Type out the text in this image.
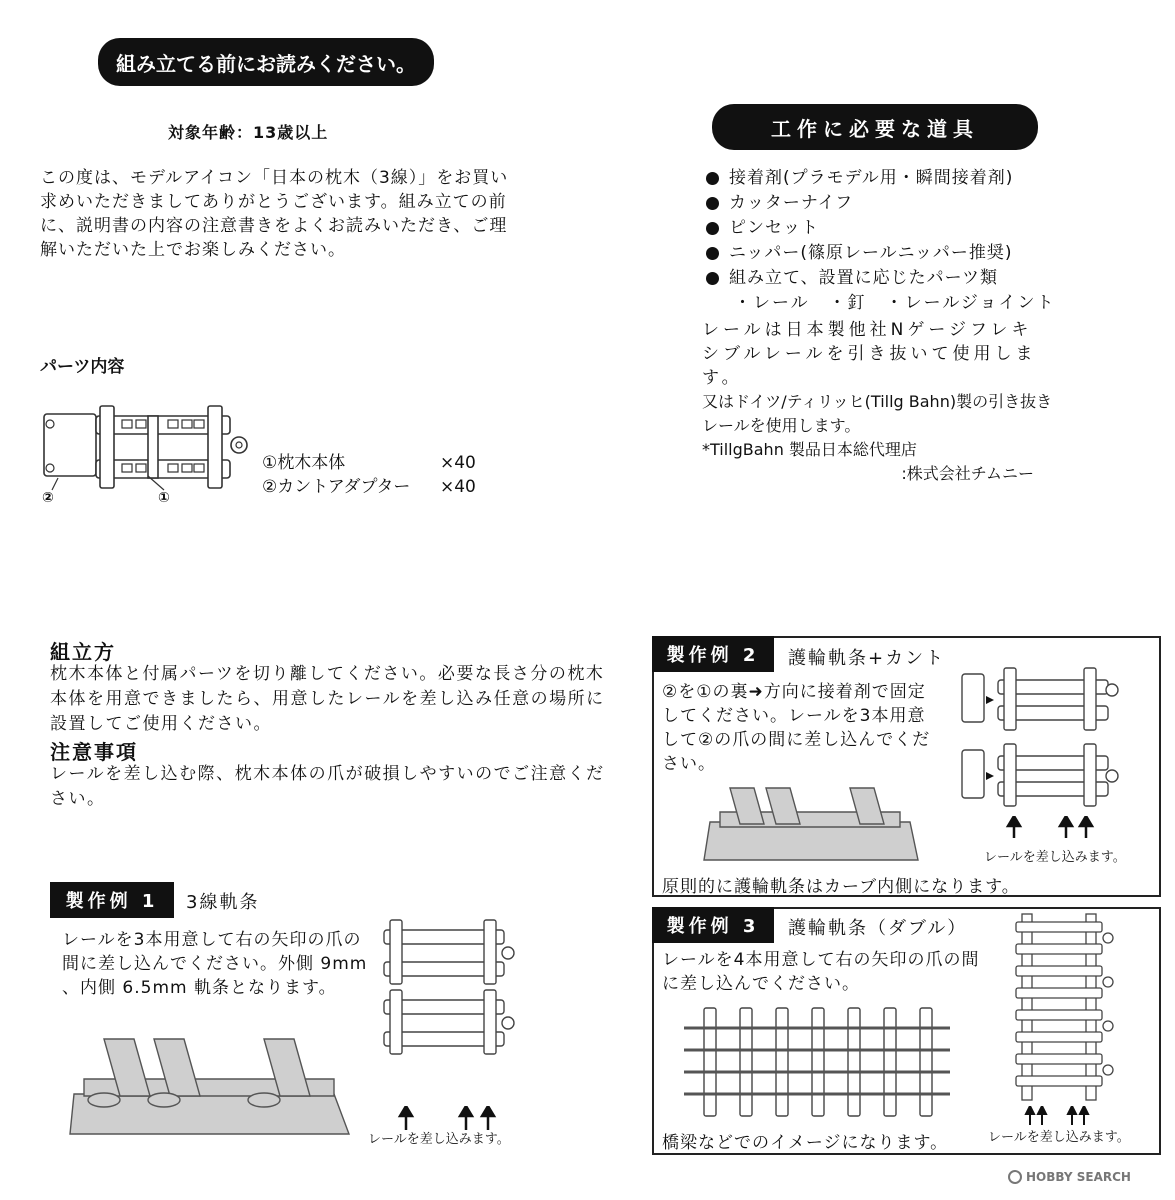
組み立てる前にお読みください。
対象年齢：13歳以上
この度は、モデルアイコン「日本の枕木（3線）」をお買い求めいただきましてありがとうございます。組み立ての前に、説明書の内容の注意書きをよくお読みいただき、ご理解いただいた上でお楽しみください。
パーツ内容
②	①
①枕木本体	×40
②カントアダプター	×40
工作に必要な道具
接着剤(プラモデル用・瞬間接着剤)
カッターナイフ
ピンセット
ニッパー(篠原レールニッパー推奨)
組み立て、設置に応じたパーツ類
・レール　・釘　・レールジョイント
レールは日本製他社Nゲージフレキシブルレールを引き抜いて使用します。
又はドイツ/ティリッヒ(Tillg Bahn)製の引き抜きレールを使用します。
*TillgBahn 製品日本総代理店
:株式会社チムニー
組立方
枕木本体と付属パーツを切り離してください。必要な長さ分の枕木本体を用意できましたら、用意したレールを差し込み任意の場所に設置してご使用ください。
注意事項
レールを差し込む際、枕木本体の爪が破損しやすいのでご注意ください。
製作例 1	3線軌条
レールを3本用意して右の矢印の爪の間に差し込んでください。外側 9mm 、内側 6.5mm 軌条となります。
レールを差し込みます。
製作例 2	護輪軌条+カント
②を①の裏➜方向に接着剤で固定してください。レールを3本用意して②の爪の間に差し込んでください。
レールを差し込みます。
原則的に護輪軌条はカーブ内側になります。
製作例 3	護輪軌条（ダブル）
レールを4本用意して右の矢印の爪の間に差し込んでください。
レールを差し込みます。
橋梁などでのイメージになります。
HOBBY SEARCH
